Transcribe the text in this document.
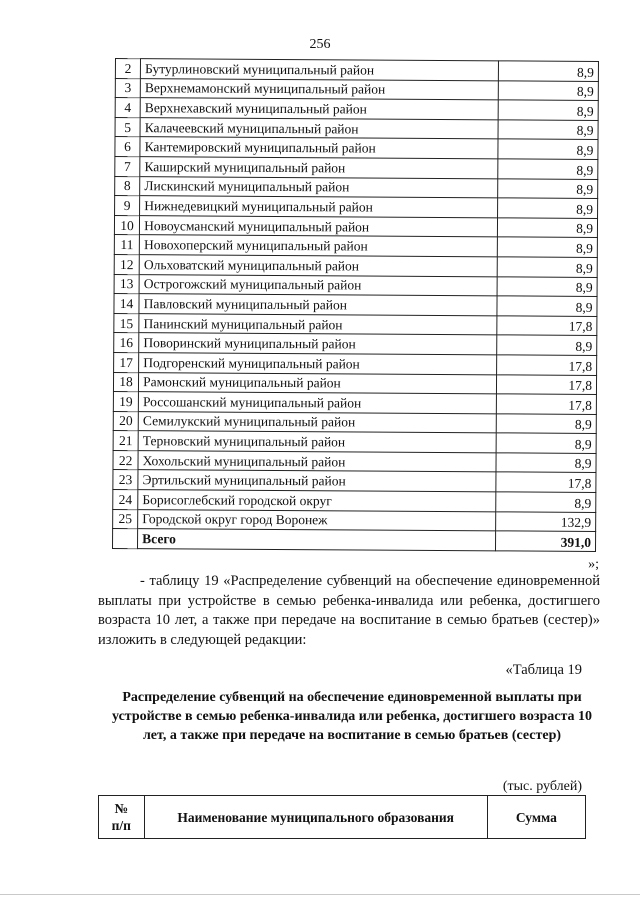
256
2	Бутурлиновский муниципальный район	8,9
3	Верхнемамонский муниципальный район	8,9
4	Верхнехавский муниципальный район	8,9
5	Калачеевский муниципальный район	8,9
6	Кантемировский муниципальный район	8,9
7	Каширский муниципальный район	8,9
8	Лискинский муниципальный район	8,9
9	Нижнедевицкий муниципальный район	8,9
10	Новоусманский муниципальный район	8,9
11	Новохоперский муниципальный район	8,9
12	Ольховатский муниципальный район	8,9
13	Острогожский муниципальный район	8,9
14	Павловский муниципальный район	8,9
15	Панинский муниципальный район	17,8
16	Поворинский муниципальный район	8,9
17	Подгоренский муниципальный район	17,8
18	Рамонский муниципальный район	17,8
19	Россошанский муниципальный район	17,8
20	Семилукский муниципальный район	8,9
21	Терновский муниципальный район	8,9
22	Хохольский муниципальный район	8,9
23	Эртильский муниципальный район	17,8
24	Борисоглебский городской округ	8,9
25	Городской округ город Воронеж	132,9
	Всего	391,0
»;
- таблицу 19 «Распределение субвенций на обеспечение единовременной выплаты при устройстве в семью ребенка-инвалида или ребенка, достигшего возраста 10 лет, а также при передаче на воспитание в семью братьев (сестер)» изложить в следующей редакции:
«Таблица 19
Распределение субвенций на обеспечение единовременной выплаты при устройстве в семью ребенка-инвалида или ребенка, достигшего возраста 10 лет, а также при передаче на воспитание в семью братьев (сестер)
(тыс. рублей)
№
п/п	Наименование муниципального образования	Сумма
